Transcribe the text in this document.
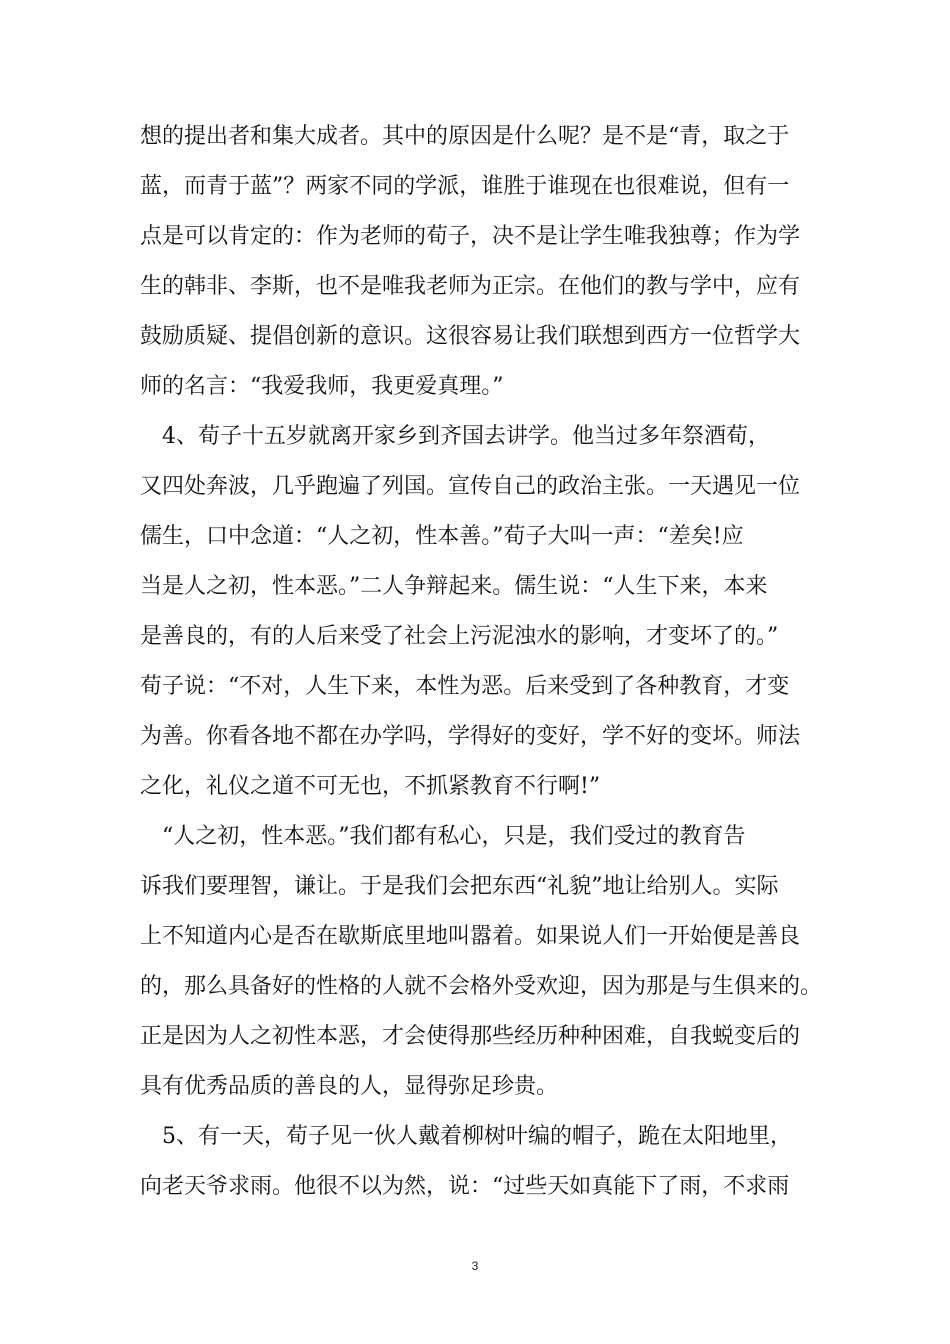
想的提出者和集大成者。其中的原因是什么呢？是不是“青，取之于
蓝，而青于蓝”？两家不同的学派，谁胜于谁现在也很难说，但有一
点是可以肯定的：作为老师的荀子，决不是让学生唯我独尊；作为学
生的韩非、李斯，也不是唯我老师为正宗。在他们的教与学中，应有
鼓励质疑、提倡创新的意识。这很容易让我们联想到西方一位哲学大
师的名言：“我爱我师，我更爱真理。”
　4、荀子十五岁就离开家乡到齐国去讲学。他当过多年祭酒荀，
又四处奔波，几乎跑遍了列国。宣传自己的政治主张。一天遇见一位
儒生，口中念道：“人之初，性本善。”荀子大叫一声：“差矣!应
当是人之初，性本恶。”二人争辩起来。儒生说：“人生下来，本来
是善良的，有的人后来受了社会上污泥浊水的影响，才变坏了的。”
荀子说：“不对，人生下来，本性为恶。后来受到了各种教育，才变
为善。你看各地不都在办学吗，学得好的变好，学不好的变坏。师法
之化，礼仪之道不可无也，不抓紧教育不行啊!”
　“人之初，性本恶。”我们都有私心，只是，我们受过的教育告
诉我们要理智，谦让。于是我们会把东西“礼貌”地让给别人。实际
上不知道内心是否在歇斯底里地叫嚣着。如果说人们一开始便是善良
的，那么具备好的性格的人就不会格外受欢迎，因为那是与生俱来的。
正是因为人之初性本恶，才会使得那些经历种种困难，自我蜕变后的
具有优秀品质的善良的人，显得弥足珍贵。
　5、有一天，荀子见一伙人戴着柳树叶编的帽子，跪在太阳地里，
向老天爷求雨。他很不以为然，说：“过些天如真能下了雨，不求雨
3
